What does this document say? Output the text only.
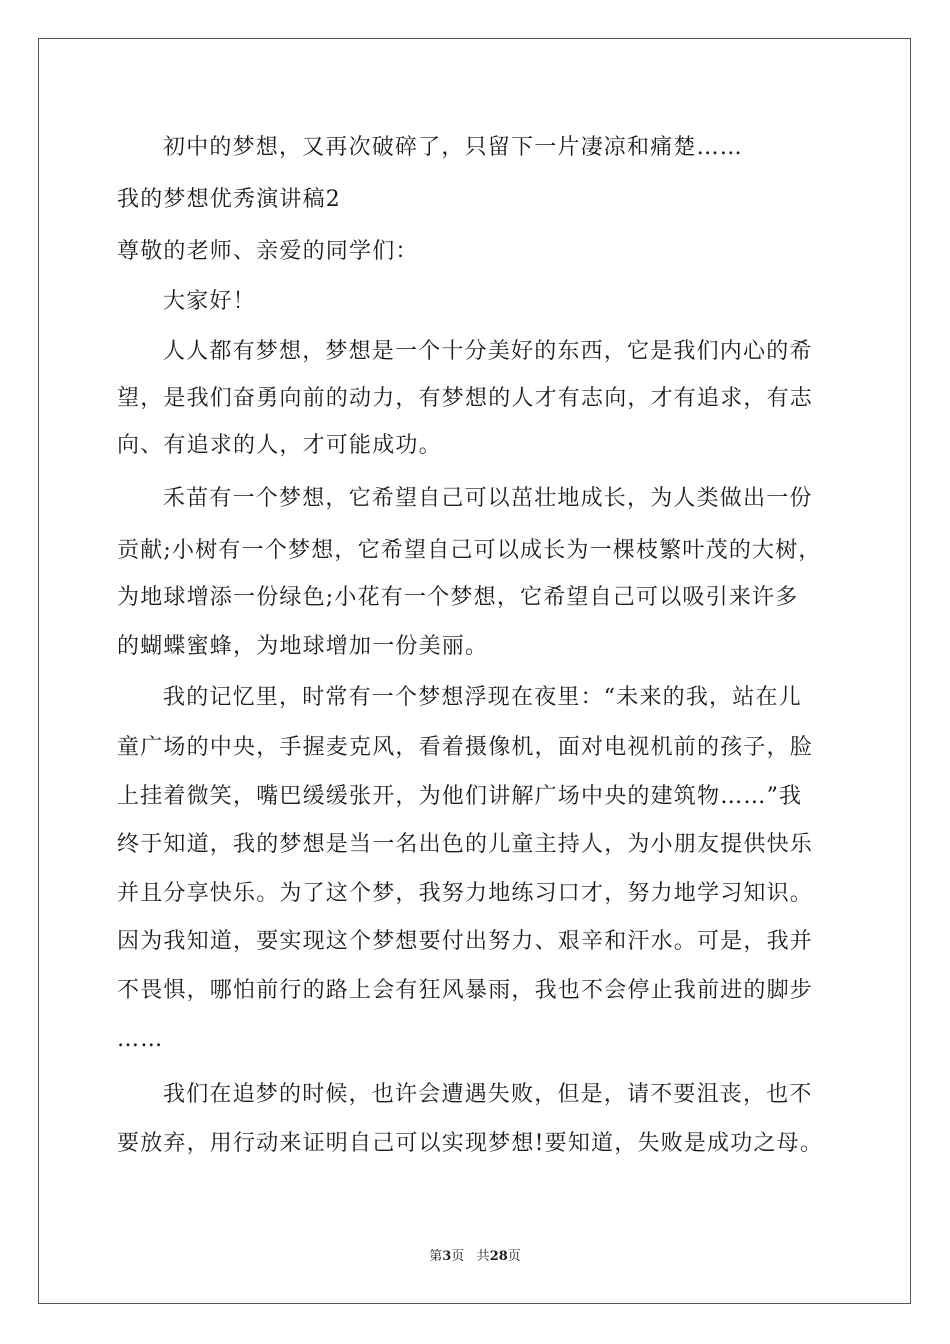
初中的梦想，又再次破碎了，只留下一片凄凉和痛楚……
我的梦想优秀演讲稿2
尊敬的老师、亲爱的同学们：
大家好！
人人都有梦想，梦想是一个十分美好的东西，它是我们内心的希
望，是我们奋勇向前的动力，有梦想的人才有志向，才有追求，有志
向、有追求的人，才可能成功。
禾苗有一个梦想，它希望自己可以茁壮地成长，为人类做出一份
贡献;小树有一个梦想，它希望自己可以成长为一棵枝繁叶茂的大树，
为地球增添一份绿色;小花有一个梦想，它希望自己可以吸引来许多
的蝴蝶蜜蜂，为地球增加一份美丽。
我的记忆里，时常有一个梦想浮现在夜里：“未来的我，站在儿
童广场的中央，手握麦克风，看着摄像机，面对电视机前的孩子，脸
上挂着微笑，嘴巴缓缓张开，为他们讲解广场中央的建筑物……”我
终于知道，我的梦想是当一名出色的儿童主持人，为小朋友提供快乐
并且分享快乐。为了这个梦，我努力地练习口才，努力地学习知识。
因为我知道，要实现这个梦想要付出努力、艰辛和汗水。可是，我并
不畏惧，哪怕前行的路上会有狂风暴雨，我也不会停止我前进的脚步
……
我们在追梦的时候，也许会遭遇失败，但是，请不要沮丧，也不
要放弃，用行动来证明自己可以实现梦想!要知道，失败是成功之母。
第3页 共28页
